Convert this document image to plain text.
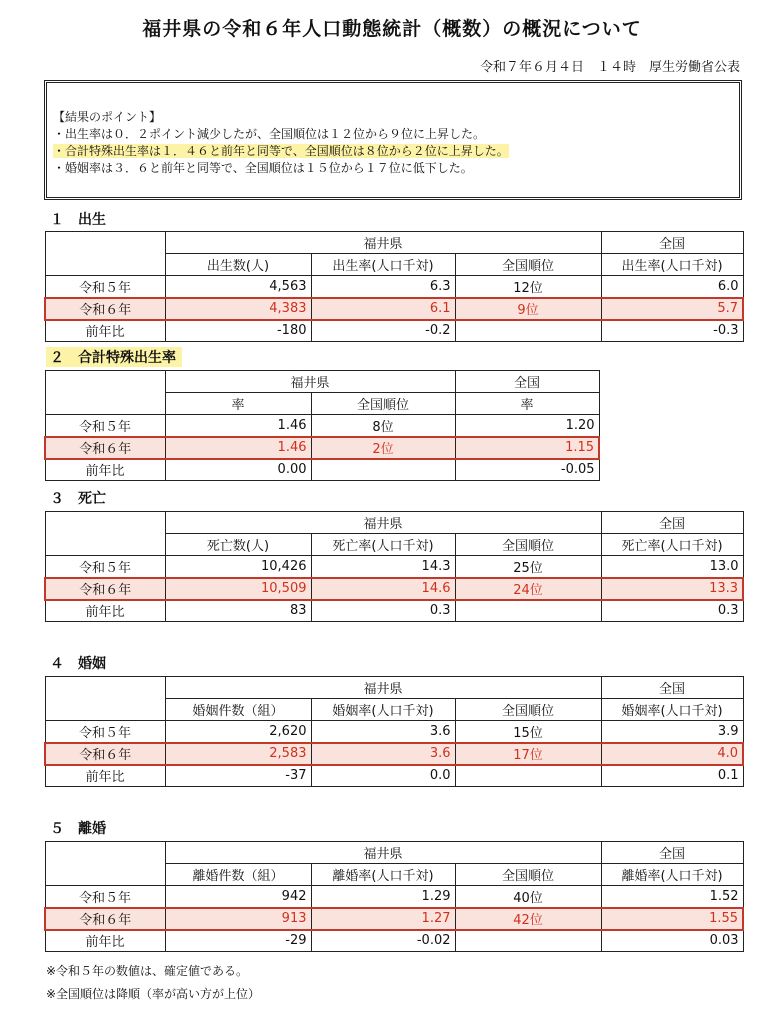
福井県の令和６年人口動態統計（概数）の概況について
令和７年６月４日　１４時　厚生労働省公表
【結果のポイント】
・出生率は０．２ポイント減少したが、全国順位は１２位から９位に上昇した。
・合計特殊出生率は１．４６と前年と同等で、全国順位は８位から２位に上昇した。
・婚姻率は３．６と前年と同等で、全国順位は１５位から１７位に低下した。
１　出生
	福井県			全国
	出生数(人)	出生率(人口千対)	全国順位	出生率(人口千対)
令和５年	4,563	6.3	12位	6.0
令和６年	4,383	6.1	9位	5.7
前年比	-180	-0.2		-0.3
２　合計特殊出生率
	福井県		全国
	率	全国順位	率
令和５年	1.46	8位	1.20
令和６年	1.46	2位	1.15
前年比	0.00		-0.05
３　死亡
	福井県			全国
	死亡数(人)	死亡率(人口千対)	全国順位	死亡率(人口千対)
令和５年	10,426	14.3	25位	13.0
令和６年	10,509	14.6	24位	13.3
前年比	83	0.3		0.3
４　婚姻
	福井県			全国
	婚姻件数（組）	婚姻率(人口千対)	全国順位	婚姻率(人口千対)
令和５年	2,620	3.6	15位	3.9
令和６年	2,583	3.6	17位	4.0
前年比	-37	0.0		0.1
５　離婚
	福井県			全国
	離婚件数（組）	離婚率(人口千対)	全国順位	離婚率(人口千対)
令和５年	942	1.29	40位	1.52
令和６年	913	1.27	42位	1.55
前年比	-29	-0.02		0.03
※令和５年の数値は、確定値である。
※全国順位は降順（率が高い方が上位）
